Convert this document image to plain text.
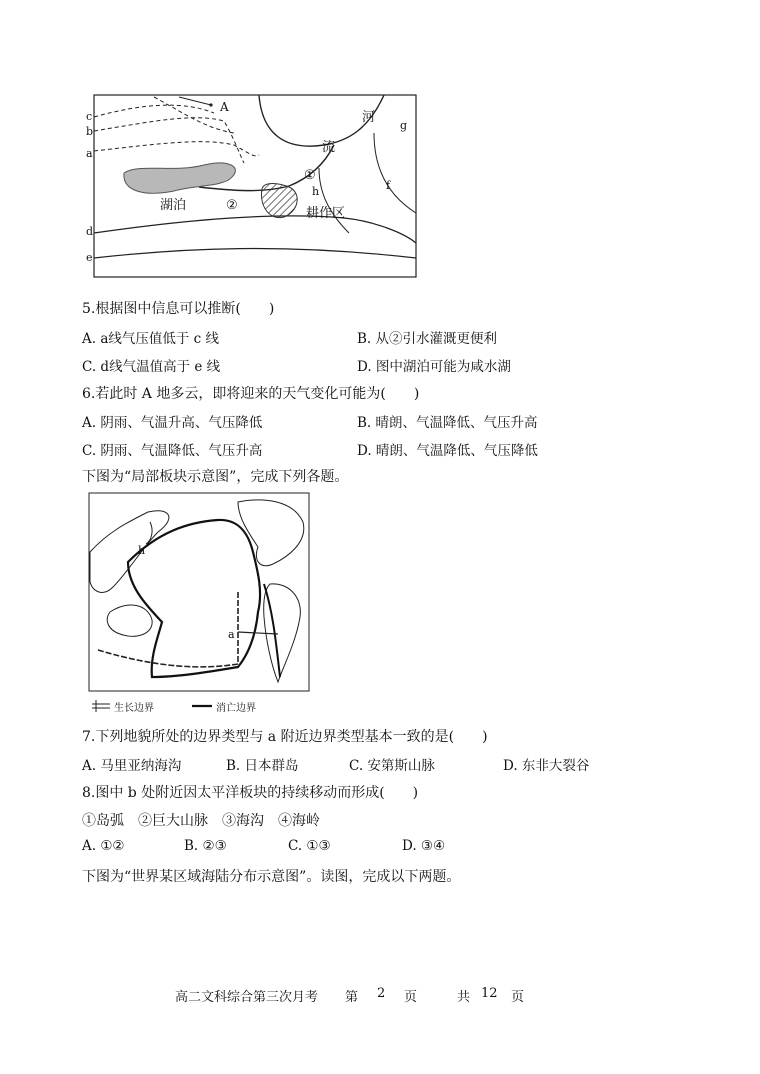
c
b
a
d
e
g
f
h
A
河
流
湖泊
耕作区
①
②
5.根据图中信息可以推断(　　)
A. a线气压值低于 c 线	B. 从②引水灌溉更便利
C. d线气温值高于 e 线	D. 图中湖泊可能为咸水湖
6.若此时 A 地多云，即将迎来的天气变化可能为(　　)
A. 阴雨、气温升高、气压降低	B. 晴朗、气温降低、气压升高
C. 阴雨、气温降低、气压升高	D. 晴朗、气温降低、气压降低
下图为“局部板块示意图”，完成下列各题。
h
a
生长边界	消亡边界
7.下列地貌所处的边界类型与 a 附近边界类型基本一致的是(　　)
A. 马里亚纳海沟	B. 日本群岛	C. 安第斯山脉	D. 东非大裂谷
8.图中 b 处附近因太平洋板块的持续移动而形成(　　)
①岛弧　②巨大山脉　③海沟　④海岭
A. ①②	B. ②③	C. ①③	D. ③④
下图为“世界某区域海陆分布示意图”。读图，完成以下两题。
高二文科综合第三次月考 第 2 页	共 12 页
